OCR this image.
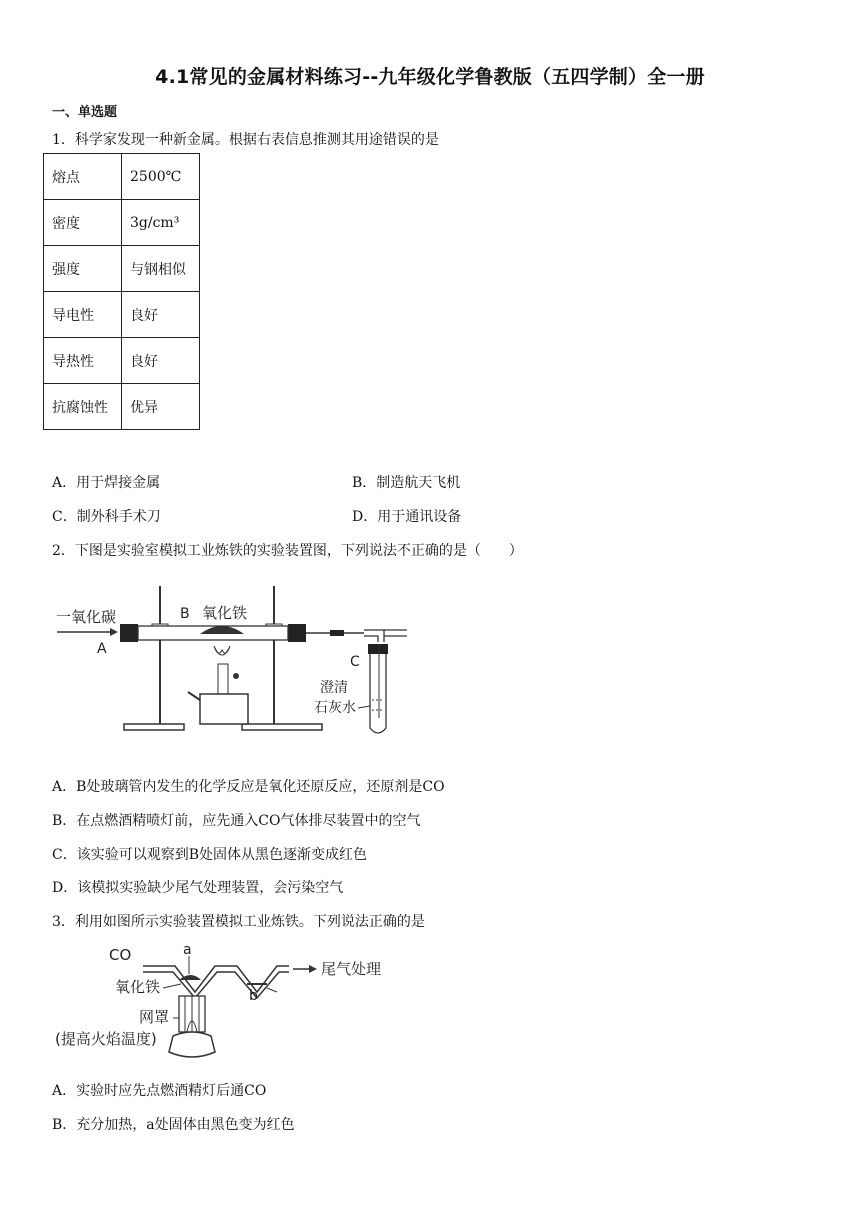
4.1常见的金属材料练习--九年级化学鲁教版（五四学制）全一册
一、单选题
1．科学家发现一种新金属。根据右表信息推测其用途错误的是
熔点	2500℃
密度	3g/cm³
强度	与钢相似
导电性	良好
导热性	良好
抗腐蚀性	优异
A．用于焊接金属	B．制造航天飞机
C．制外科手术刀	D．用于通讯设备
2．下图是实验室模拟工业炼铁的实验装置图，下列说法不正确的是（　　）
一氧化碳
A
B 氧化铁
C
澄清
石灰水
A．B处玻璃管内发生的化学反应是氧化还原反应，还原剂是CO
B．在点燃酒精喷灯前，应先通入CO气体排尽装置中的空气
C．该实验可以观察到B处固体从黑色逐渐变成红色
D．该模拟实验缺少尾气处理装置，会污染空气
3．利用如图所示实验装置模拟工业炼铁。下列说法正确的是
CO	a
b
尾气处理
氧化铁
网罩
(提高火焰温度)
A．实验时应先点燃酒精灯后通CO
B．充分加热，a处固体由黑色变为红色
